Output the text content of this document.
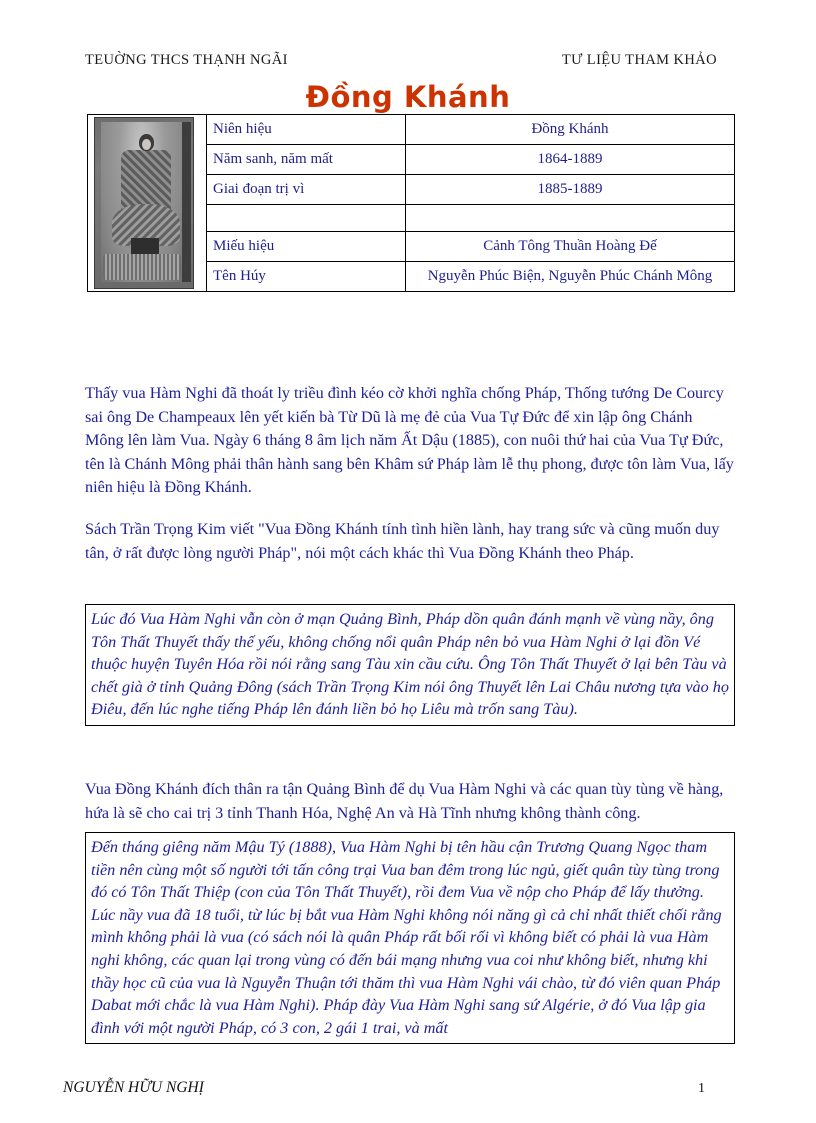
TEUỜNG THCS THẠNH NGÃI	TƯ LIỆU THAM KHẢO
Đồng Khánh
	Niên hiệu	Đồng Khánh
	Năm sanh, năm mất	1864-1889
	Giai đoạn trị vì	1885-1889

	Miếu hiệu	Cảnh Tông Thuần Hoàng Đế
	Tên Húy	Nguyễn Phúc Biện, Nguyễn Phúc Chánh Mông
Thấy vua Hàm Nghi đã thoát ly triều đình kéo cờ khởi nghĩa chống Pháp, Thống tướng De Courcy sai ông De Champeaux lên yết kiến bà Từ Dũ là mẹ đẻ của Vua Tự Đức để xin lập ông Chánh Mông lên làm Vua. Ngày 6 tháng 8 âm lịch năm Ất Dậu (1885), con nuôi thứ hai của Vua Tự Đức, tên là Chánh Mông phải thân hành sang bên Khâm sứ Pháp làm lễ thụ phong, được tôn làm Vua, lấy niên hiệu là Đồng Khánh.
Sách Trần Trọng Kim viết "Vua Đồng Khánh tính tình hiền lành, hay trang sức và cũng muốn duy tân, ở rất được lòng người Pháp", nói một cách khác thì Vua Đồng Khánh theo Pháp.
Lúc đó Vua Hàm Nghi vẫn còn ở mạn Quảng Bình, Pháp dồn quân đánh mạnh về vùng nầy, ông Tôn Thất Thuyết thấy thế yếu, không chống nổi quân Pháp nên bỏ vua Hàm Nghi ở lại đồn Vé thuộc huyện Tuyên Hóa rồi nói rằng sang Tàu xin cầu cứu. Ông Tôn Thất Thuyết ở lại bên Tàu và chết già ở tỉnh Quảng Đông (sách Trần Trọng Kim nói ông Thuyết lên Lai Châu nương tựa vào họ Điêu, đến lúc nghe tiếng Pháp lên đánh liền bỏ họ Liêu mà trốn sang Tàu).
Vua Đồng Khánh đích thân ra tận Quảng Bình để dụ Vua Hàm Nghi và các quan tùy tùng về hàng, hứa là sẽ cho cai trị 3 tỉnh Thanh Hóa, Nghệ An và Hà Tĩnh nhưng không thành công.
Đến tháng giêng năm Mậu Tý (1888), Vua Hàm Nghi bị tên hầu cận Trương Quang Ngọc tham tiền nên cùng một số người tới tấn công trại Vua ban đêm trong lúc ngủ, giết quân tùy tùng trong đó có Tôn Thất Thiệp (con của Tôn Thất Thuyết), rồi đem Vua về nộp cho Pháp để lấy thưởng. Lúc nầy vua đã 18 tuổi, từ lúc bị bắt vua Hàm Nghi không nói năng gì cả chỉ nhất thiết chối rằng mình không phải là vua (có sách nói là quân Pháp rất bối rối vì không biết có phải là vua Hàm nghi không, các quan lại trong vùng có đến bái mạng nhưng vua coi như không biết, nhưng khi thầy học cũ của vua là Nguyễn Thuận tới thăm thì vua Hàm Nghi vái chào, từ đó viên quan Pháp Dabat mới chắc là vua Hàm Nghi). Pháp đày Vua Hàm Nghi sang sứ Algérie, ở đó Vua lập gia đình với một người Pháp, có 3 con, 2 gái 1 trai, và mất
NGUYỄN HỮU NGHỊ	1
